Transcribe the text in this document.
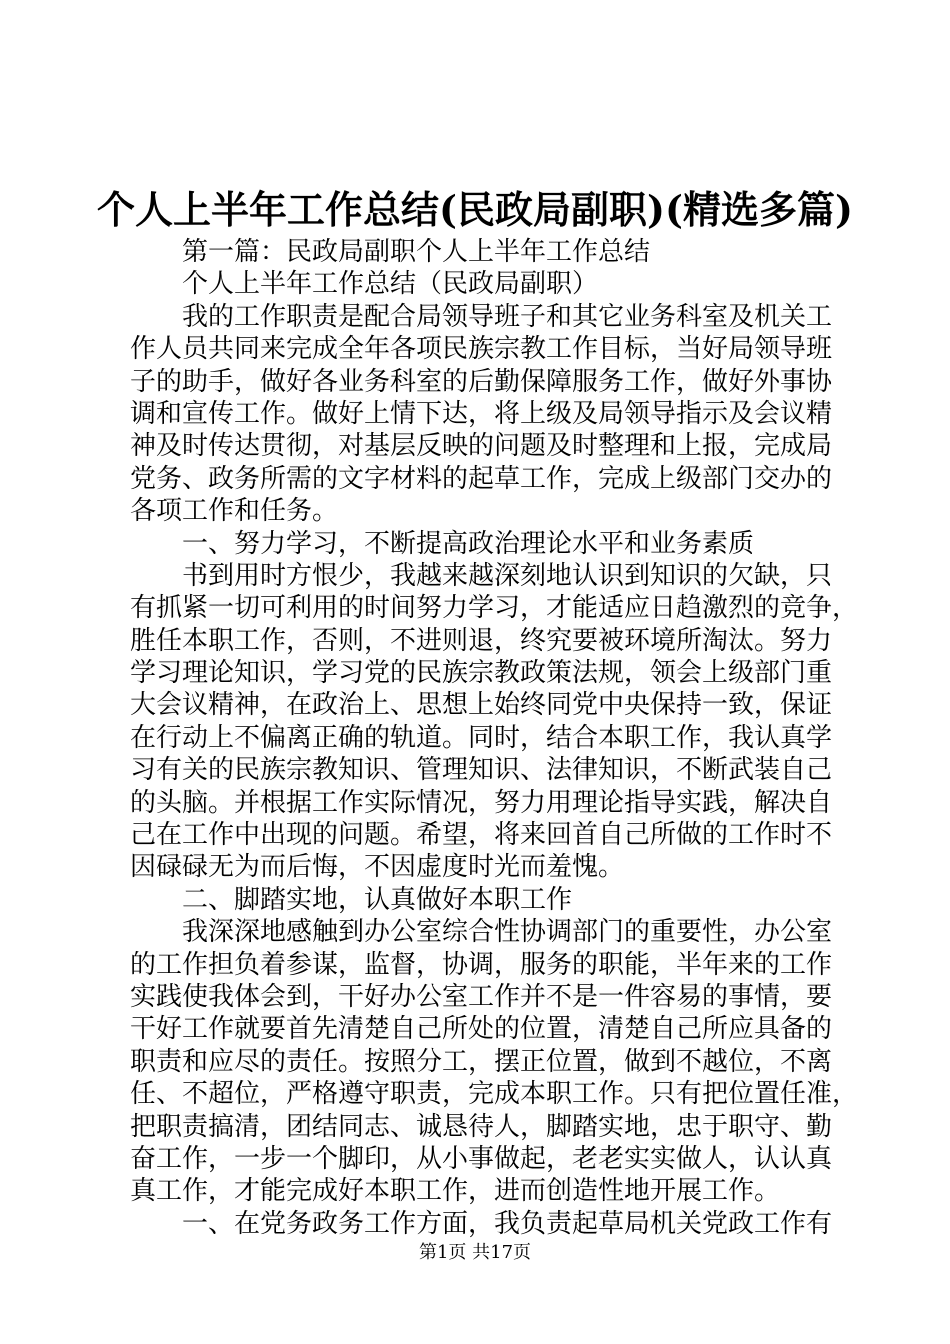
个人上半年工作总结(民政局副职)(精选多篇)
第一篇：民政局副职个人上半年工作总结
个人上半年工作总结（民政局副职）
我的工作职责是配合局领导班子和其它业务科室及机关工
作人员共同来完成全年各项民族宗教工作目标，当好局领导班
子的助手，做好各业务科室的后勤保障服务工作，做好外事协
调和宣传工作。做好上情下达，将上级及局领导指示及会议精
神及时传达贯彻，对基层反映的问题及时整理和上报，完成局
党务、政务所需的文字材料的起草工作，完成上级部门交办的
各项工作和任务。
一、努力学习，不断提高政治理论水平和业务素质
书到用时方恨少，我越来越深刻地认识到知识的欠缺，只
有抓紧一切可利用的时间努力学习，才能适应日趋激烈的竞争，
胜任本职工作，否则，不进则退，终究要被环境所淘汰。努力
学习理论知识，学习党的民族宗教政策法规，领会上级部门重
大会议精神，在政治上、思想上始终同党中央保持一致，保证
在行动上不偏离正确的轨道。同时，结合本职工作，我认真学
习有关的民族宗教知识、管理知识、法律知识，不断武装自己
的头脑。并根据工作实际情况，努力用理论指导实践，解决自
己在工作中出现的问题。希望，将来回首自己所做的工作时不
因碌碌无为而后悔，不因虚度时光而羞愧。
二、脚踏实地，认真做好本职工作
我深深地感触到办公室综合性协调部门的重要性，办公室
的工作担负着参谋，监督，协调，服务的职能，半年来的工作
实践使我体会到，干好办公室工作并不是一件容易的事情，要
干好工作就要首先清楚自己所处的位置，清楚自己所应具备的
职责和应尽的责任。按照分工，摆正位置，做到不越位，不离
任、不超位，严格遵守职责，完成本职工作。只有把位置任准，
把职责搞清，团结同志、诚恳待人，脚踏实地，忠于职守、勤
奋工作，一步一个脚印，从小事做起，老老实实做人，认认真
真工作，才能完成好本职工作，进而创造性地开展工作。
一、在党务政务工作方面，我负责起草局机关党政工作有
第1页 共17页
